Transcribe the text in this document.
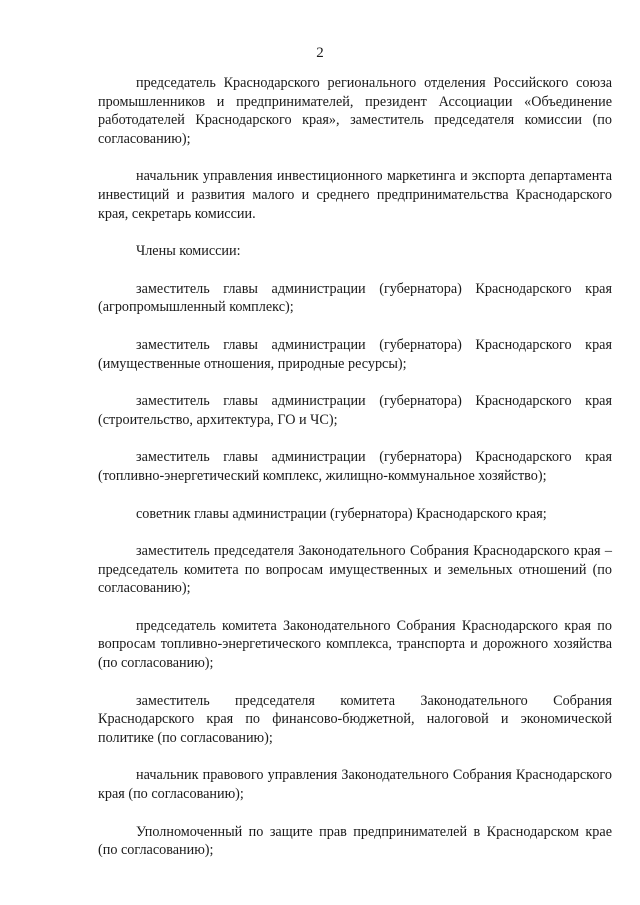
2

председатель Краснодарского регионального отделения Российского союза промышленников и предпринимателей, президент Ассоциации «Объединение работодателей Краснодарского края», заместитель председателя комиссии (по согласованию);

начальник управления инвестиционного маркетинга и экспорта департамента инвестиций и развития малого и среднего предпринимательства Краснодарского края, секретарь комиссии.

Члены комиссии:

заместитель главы администрации (губернатора) Краснодарского края (агропромышленный комплекс);

заместитель главы администрации (губернатора) Краснодарского края (имущественные отношения, природные ресурсы);

заместитель главы администрации (губернатора) Краснодарского края (строительство, архитектура, ГО и ЧС);

заместитель главы администрации (губернатора) Краснодарского края (топливно-энергетический комплекс, жилищно-коммунальное хозяйство);

советник главы администрации (губернатора) Краснодарского края;

заместитель председателя Законодательного Собрания Краснодарского края – председатель комитета по вопросам имущественных и земельных отношений (по согласованию);

председатель комитета Законодательного Собрания Краснодарского края по вопросам топливно-энергетического комплекса, транспорта и дорожного хозяйства (по согласованию);

заместитель председателя комитета Законодательного Собрания Краснодарского края по финансово-бюджетной, налоговой и экономической политике (по согласованию);

начальник правового управления Законодательного Собрания Краснодарского края (по согласованию);

Уполномоченный по защите прав предпринимателей в Краснодарском крае (по согласованию);
